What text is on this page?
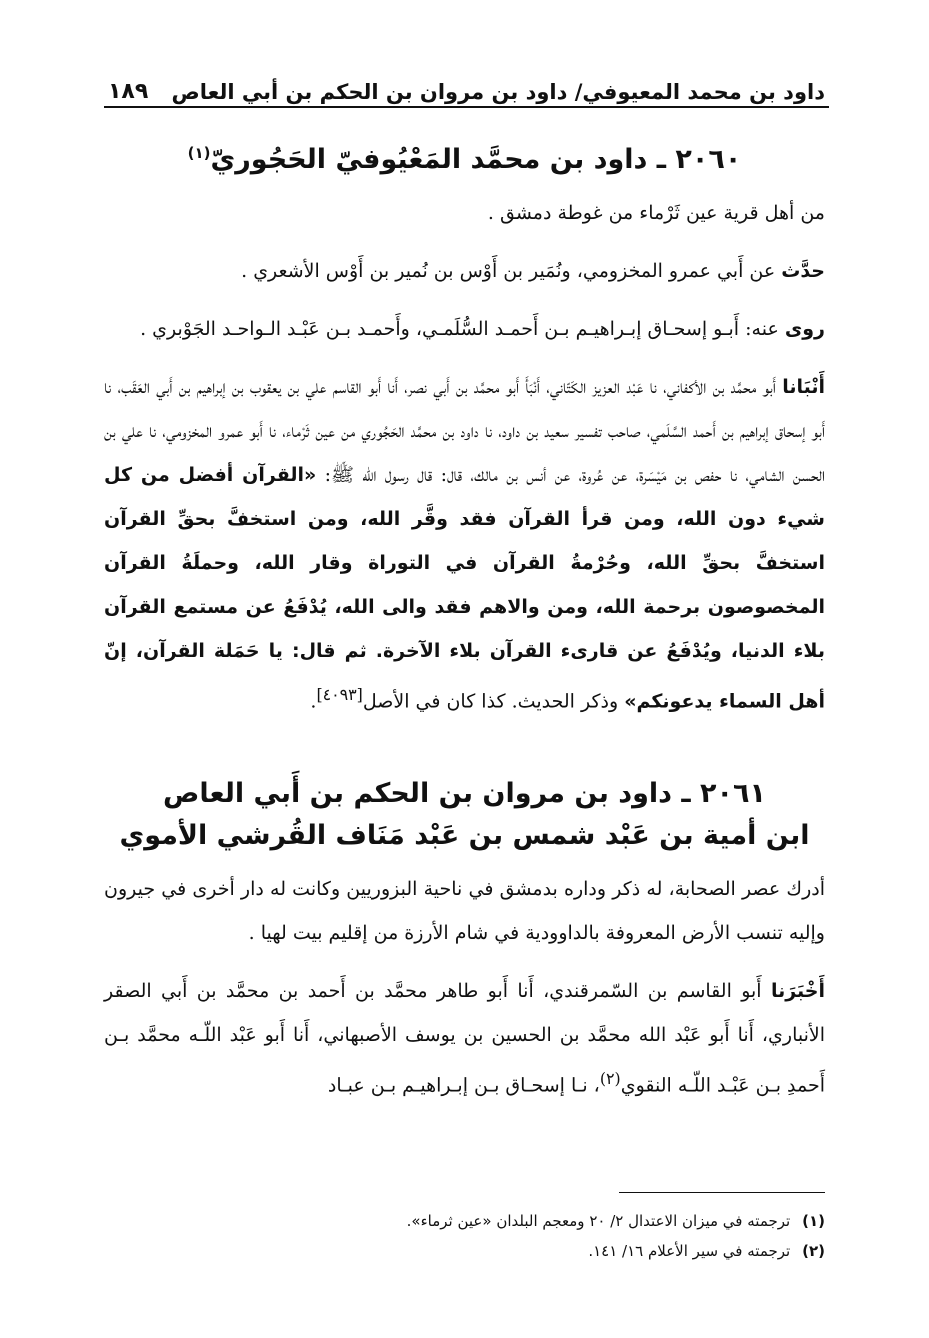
داود بن محمد المعيوفي/ داود بن مروان بن الحكم بن أبي العاص
١٨٩
٢٠٦٠ ـ داود بن محمَّد المَعْيُوفيّ الحَجُوريّ$^{(١)}$

من أهل قرية عين ثَرْماء من غوطة دمشق .

حدَّث عن أَبي عمرو المخزومي، ونُمَير بن أَوْس بن نُمير بن أَوْس الأشعري .

روى عنه: أَبـو إسحـاق إبـراهيـم بـن أَحمـد السُّلَمـي، وأَحمـد بـن عَبْـد الـواحـد الجَوْبري .

أَنْبَانا أَبو محمَّد بن الأكفاني، نا عَبْد العزيز الكَتّاني، أَنْبَأَ أَبو محمَّد بن أَبي نصر، أَنا أَبو القاسم علي بن يعقوب بن إبراهيم بن أَبي العَقَب، نا أَبو إسحاق إبراهيم بن أَحمد السَّلَمي، صاحب تفسير سعيد بن داود، نا داود بن محمَّد الحَجُوري من عين ثَرْماء، نا أَبو عمرو المخزومي، نا علي بن الحسن الشامي، نا حفص بن مَيْسَرة، عن عُروة، عن أنس بن مالك، قال: قال رسول الله ﷺ: «القرآن أفضل من كل شيء دون الله، ومن قرأ القرآن فقد وقَّر الله، ومن استخفَّ بحقِّ القرآن استخفَّ بحقِّ الله، وحُرْمةُ القرآن في التوراة وقار الله، وحملَةُ القرآن المخصوصون برحمة الله، ومن والاهم فقد والى الله، يُدْفَعُ عن مستمع القرآن بلاء الدنيا، ويُدْفَعُ عن قارىء القرآن بلاء الآخرة. ثم قال: يا حَمَلة القرآن، إنّ أهل السماء يدعونكم» وذكر الحديث. كذا كان في الأصل[٤٠٩٣].

٢٠٦١ ـ داود بن مروان بن الحكم بن أَبي العاص
ابن أمية بن عَبْد شمس بن عَبْد مَنَاف القُرشي الأموي

أدرك عصر الصحابة، له ذكر وداره بدمشق في ناحية البزوريين وكانت له دار أخرى في جيرون وإليه تنسب الأرض المعروفة بالداوودية في شام الأرزة من إقليم بيت لهيا .

أَخْبَرَنا أَبو القاسم بن السّمرقندي، أَنا أَبو طاهر محمَّد بن أَحمد بن محمَّد بن أَبي الصقر الأنباري، أَنا أَبو عَبْد الله محمَّد بن الحسين بن يوسف الأصبهاني، أَنا أَبو عَبْد اللّـه محمَّد بـن أَحمدِ بـن عَبْـد اللّـه النقوي$^{(٢)}$، نـا إسحـاق بـن إبـراهيـم بـن عبـاد

(١) ترجمته في ميزان الاعتدال ٢/ ٢٠ ومعجم البلدان «عين ثرماء».
(٢) ترجمته في سير الأعلام ١٦/ ١٤١.
